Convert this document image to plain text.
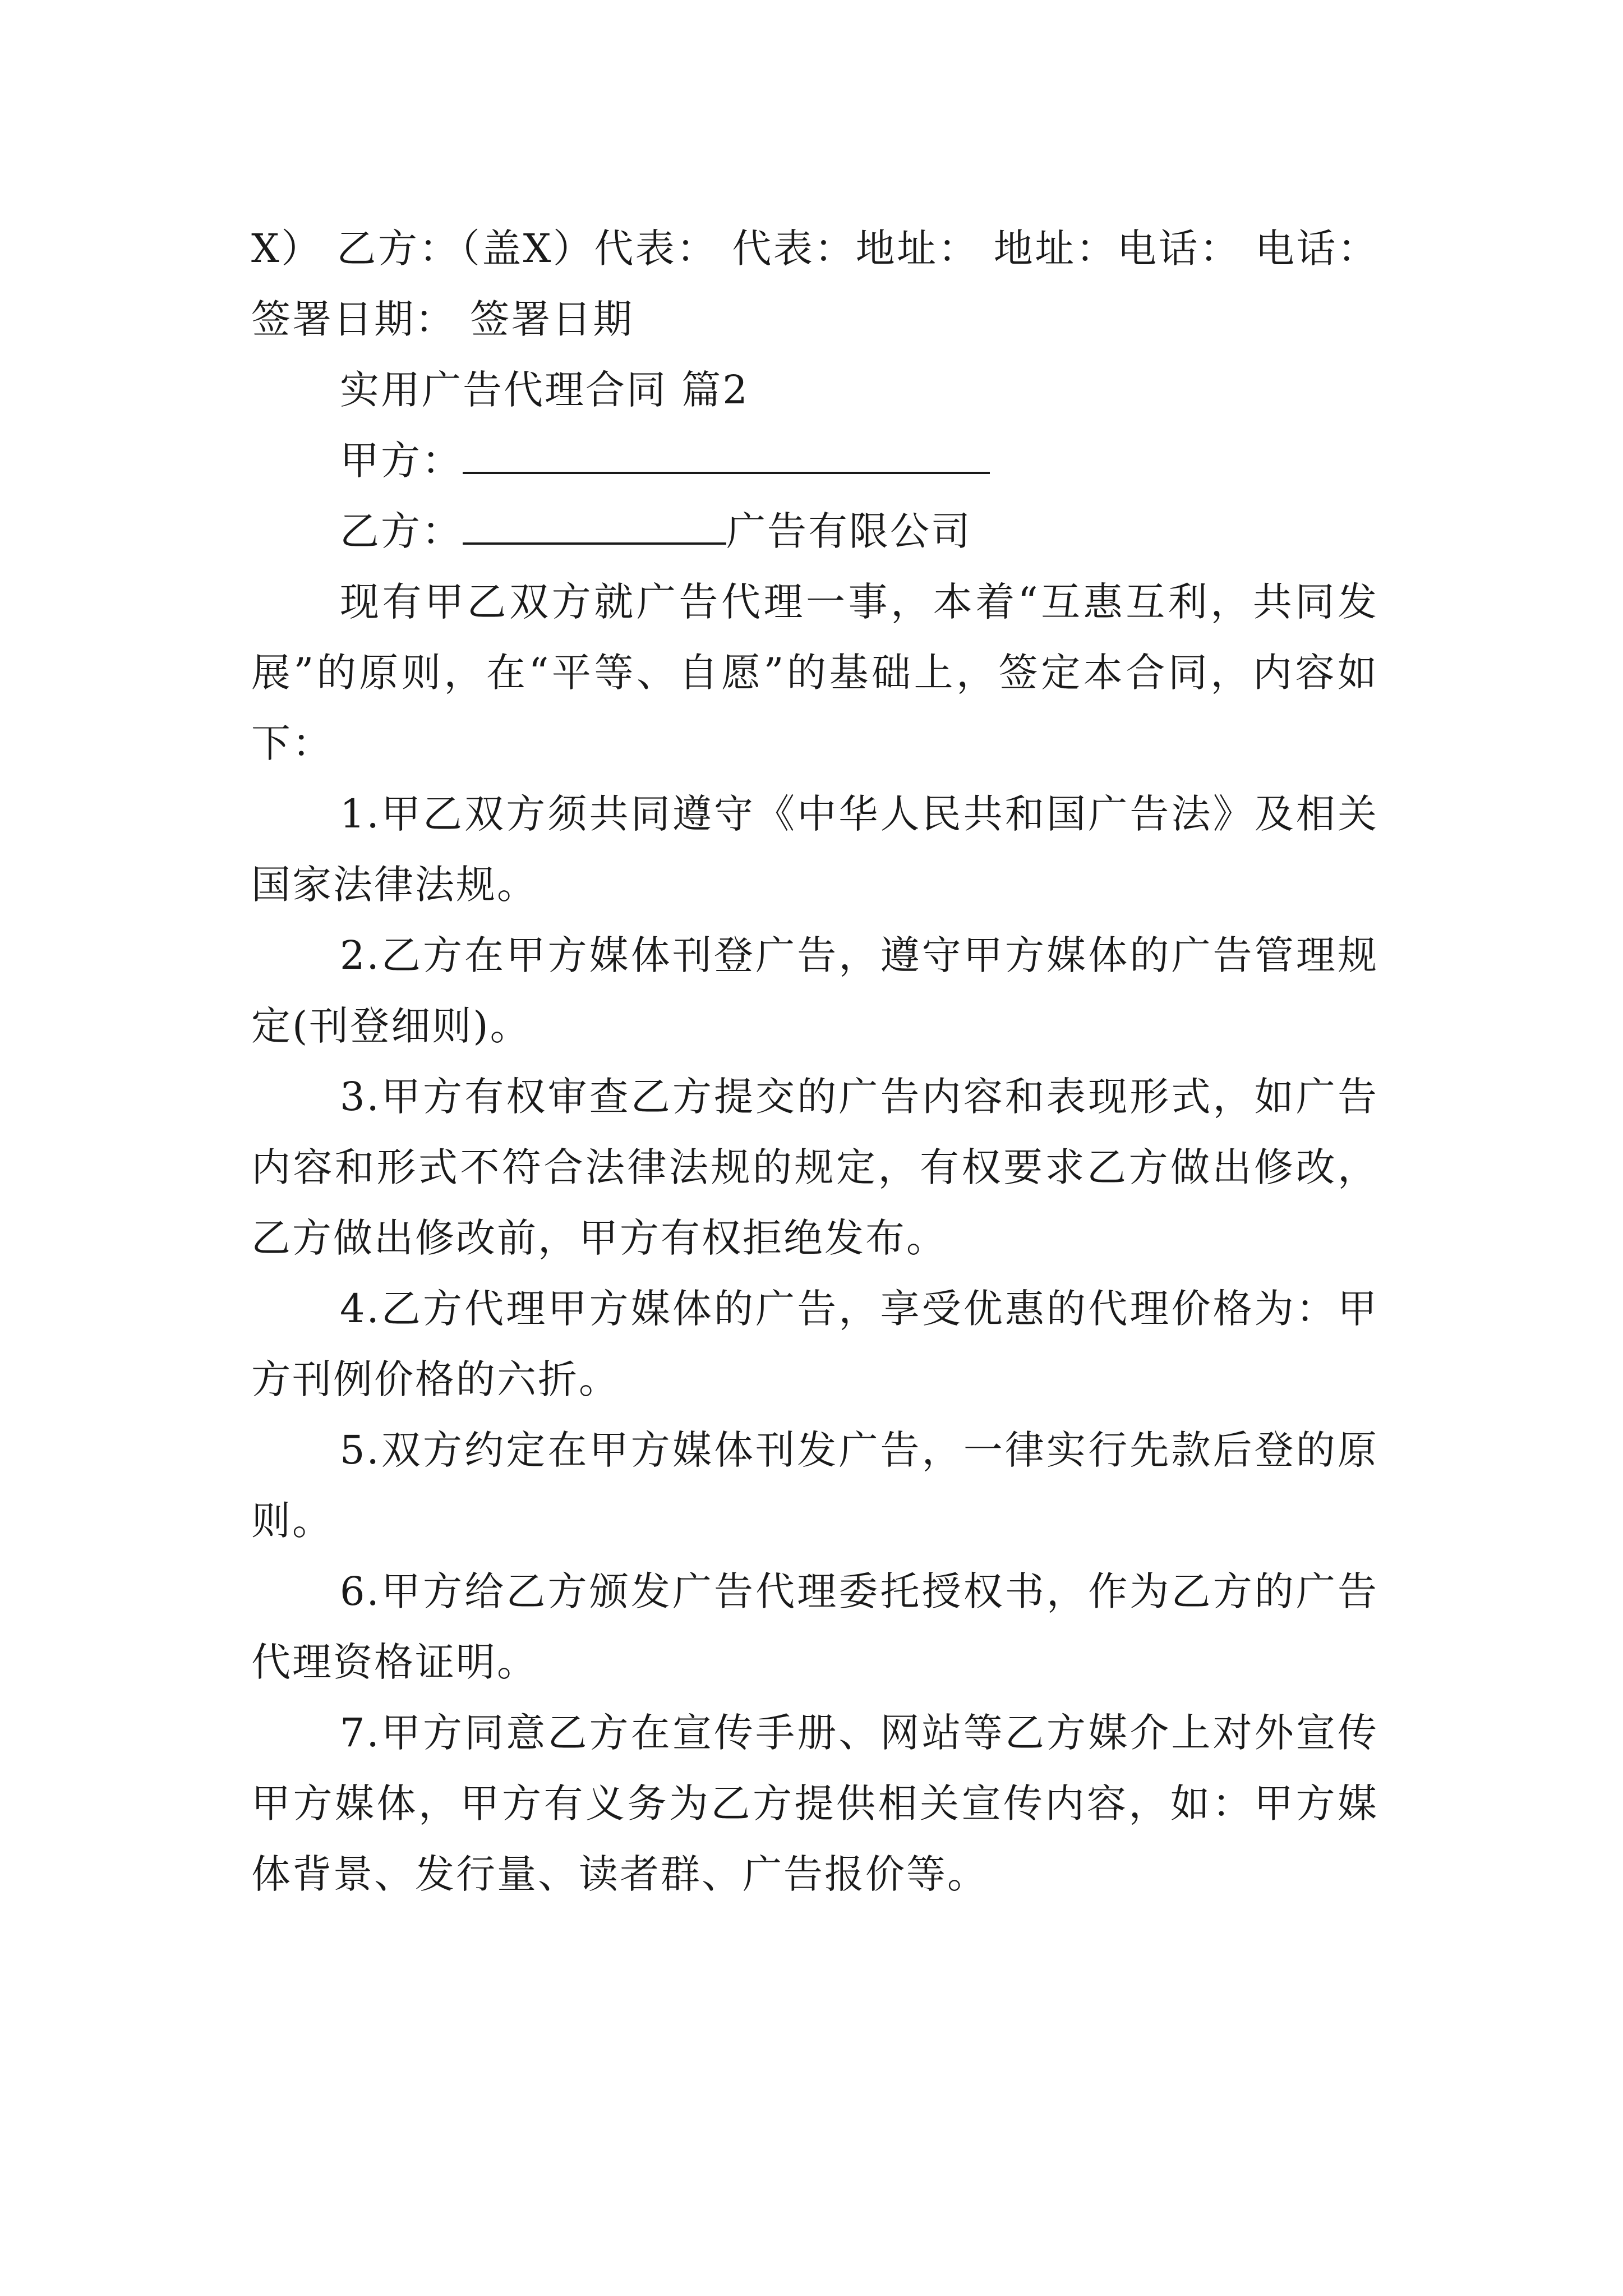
X） 乙方：（盖X）代表： 代表：地址： 地址：电话： 电话：签署日期： 签署日期
实用广告代理合同 篇2
甲方：
乙方：	广告有限公司
现有甲乙双方就广告代理一事，本着“互惠互利，共同发展”的原则，在“平等、自愿”的基础上，签定本合同，内容如下：
1.甲乙双方须共同遵守《中华人民共和国广告法》及相关国家法律法规。
2.乙方在甲方媒体刊登广告，遵守甲方媒体的广告管理规定(刊登细则)。
3.甲方有权审查乙方提交的广告内容和表现形式，如广告内容和形式不符合法律法规的规定，有权要求乙方做出修改，乙方做出修改前，甲方有权拒绝发布。
4.乙方代理甲方媒体的广告，享受优惠的代理价格为：甲方刊例价格的六折。
5.双方约定在甲方媒体刊发广告，一律实行先款后登的原则。
6.甲方给乙方颁发广告代理委托授权书，作为乙方的广告代理资格证明。
7.甲方同意乙方在宣传手册、网站等乙方媒介上对外宣传甲方媒体，甲方有义务为乙方提供相关宣传内容，如：甲方媒体背景、发行量、读者群、广告报价等。
